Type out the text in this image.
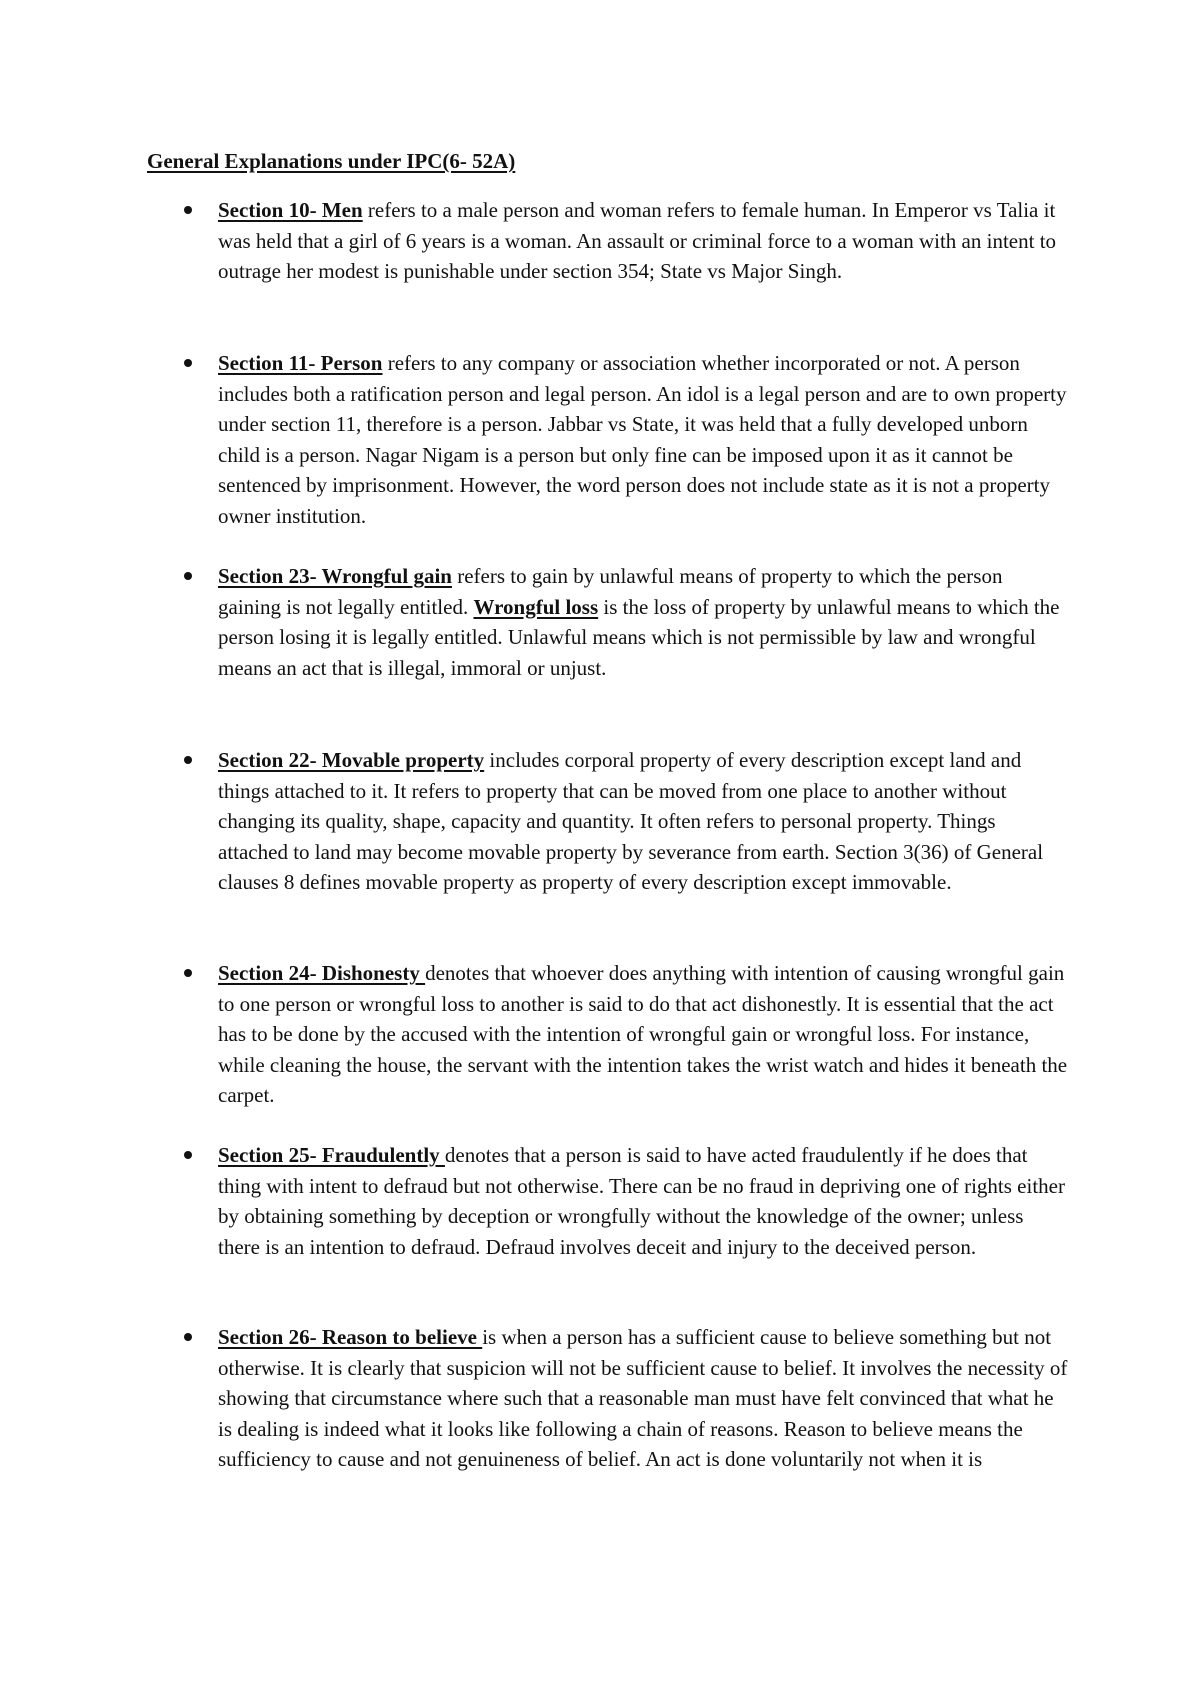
General Explanations under IPC(6- 52A)
Section 10- Men refers to a male person and woman refers to female human. In Emperor vs Talia it was held that a girl of 6 years is a woman. An assault or criminal force to a woman with an intent to outrage her modest is punishable under section 354; State vs Major Singh.
Section 11- Person refers to any company or association whether incorporated or not. A person includes both a ratification person and legal person. An idol is a legal person and are to own property under section 11, therefore is a person. Jabbar vs State, it was held that a fully developed unborn child is a person. Nagar Nigam is a person but only fine can be imposed upon it as it cannot be sentenced by imprisonment. However, the word person does not include state as it is not a property owner institution.
Section 23- Wrongful gain refers to gain by unlawful means of property to which the person gaining is not legally entitled. Wrongful loss is the loss of property by unlawful means to which the person losing it is legally entitled. Unlawful means which is not permissible by law and wrongful means an act that is illegal, immoral or unjust.
Section 22- Movable property includes corporal property of every description except land and things attached to it. It refers to property that can be moved from one place to another without changing its quality, shape, capacity and quantity. It often refers to personal property. Things attached to land may become movable property by severance from earth. Section 3(36) of General clauses 8 defines movable property as property of every description except immovable.
Section 24- Dishonesty denotes that whoever does anything with intention of causing wrongful gain to one person or wrongful loss to another is said to do that act dishonestly. It is essential that the act has to be done by the accused with the intention of wrongful gain or wrongful loss. For instance, while cleaning the house, the servant with the intention takes the wrist watch and hides it beneath the carpet.
Section 25- Fraudulently denotes that a person is said to have acted fraudulently if he does that thing with intent to defraud but not otherwise. There can be no fraud in depriving one of rights either by obtaining something by deception or wrongfully without the knowledge of the owner; unless there is an intention to defraud. Defraud involves deceit and injury to the deceived person.
Section 26- Reason to believe is when a person has a sufficient cause to believe something but not otherwise. It is clearly that suspicion will not be sufficient cause to belief. It involves the necessity of showing that circumstance where such that a reasonable man must have felt convinced that what he is dealing is indeed what it looks like following a chain of reasons. Reason to believe means the sufficiency to cause and not genuineness of belief. An act is done voluntarily not when it is
